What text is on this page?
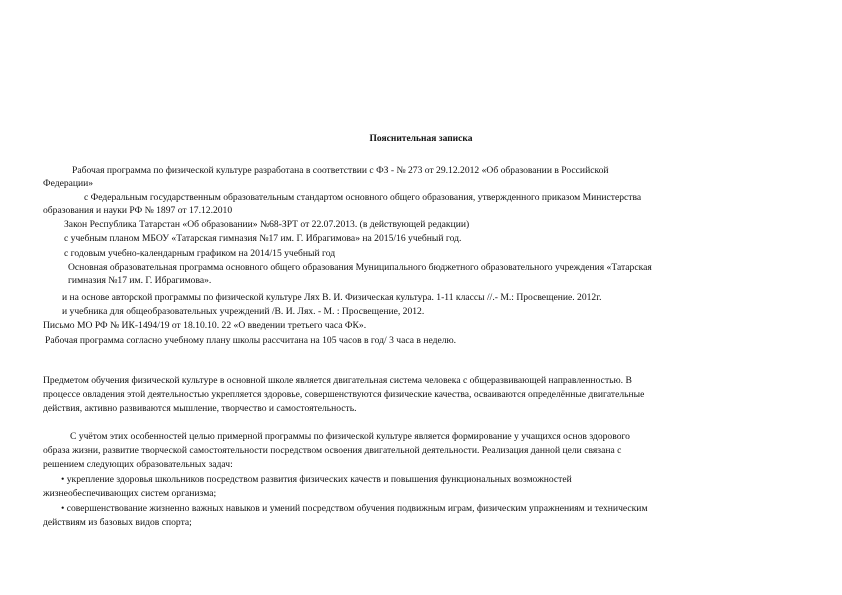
Пояснительная записка
Рабочая программа по физической культуре разработана в соответствии с ФЗ - № 273 от 29.12.2012 «Об образовании в Российской
Федерации»
с Федеральным государственным образовательным стандартом основного общего образования, утвержденного приказом Министерства
образования и науки РФ № 1897 от 17.12.2010
Закон Республика Татарстан «Об образовании» №68-ЗРТ от 22.07.2013. (в действующей редакции)
с учебным планом МБОУ «Татарская гимназия №17 им. Г. Ибрагимова» на 2015/16 учебный год.
с годовым учебно-календарным графиком на 2014/15 учебный год
Основная образовательная программа основного общего образования Муниципального бюджетного образовательного учреждения «Татарская
гимназия №17 им. Г. Ибрагимова».
и на основе авторской программы по физической культуре Лях В. И. Физическая культура. 1-11 классы //.- М.: Просвещение. 2012г.
и учебника для общеобразовательных учреждений /В. И. Лях. - М. : Просвещение, 2012.
Письмо МО РФ № ИК-1494/19 от 18.10.10. 22 «О введении третьего часа ФК».
Рабочая программа согласно учебному плану школы рассчитана на 105 часов в год/ 3 часа в неделю.
Предметом обучения физической культуре в основной школе является двигательная система человека с общеразвивающей направленностью. В
процессе овладения этой деятельностью укрепляется здоровье, совершенствуются физические качества, осваиваются определённые двигательные
действия, активно развиваются мышление, творчество и самостоятельность.
С учётом этих особенностей целью примерной программы по физической культуре является формирование у учащихся основ здорового
образа жизни, развитие творческой самостоятельности посредством освоения двигательной деятельности. Реализация данной цели связана с
решением следующих образовательных задач:
• укрепление здоровья школьников посредством развития физических качеств и повышения функциональных возможностей
жизнеобеспечивающих систем организма;
• совершенствование жизненно важных навыков и умений посредством обучения подвижным играм, физическим упражнениям и техническим
действиям из базовых видов спорта;
